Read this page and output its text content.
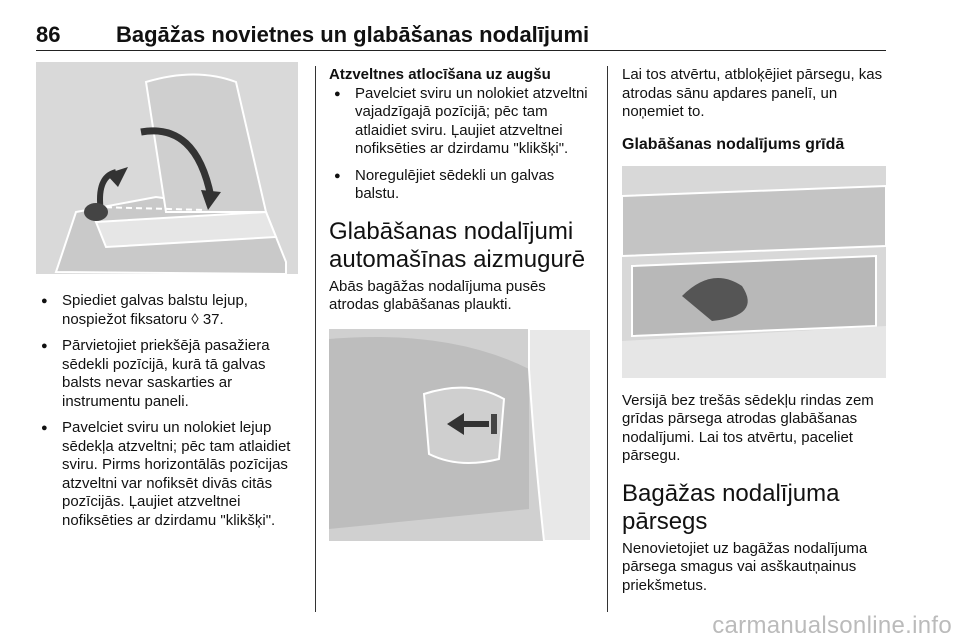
86	Bagāžas novietnes un glabāšanas nodalījumi
● Spiediet galvas balstu lejup, nospiežot fiksatoru ◊ 37.
● Pārvietojiet priekšējā pasažiera sēdekli pozīcijā, kurā tā galvas balsts nevar saskarties ar instrumentu paneli.
● Pavelciet sviru un nolokiet lejup sēdekļa atzveltni; pēc tam atlaidiet sviru. Pirms horizontālās pozīcijas atzveltni var nofiksēt divās citās pozīcijās. Ļaujiet atzveltnei nofiksēties ar dzirdamu "klikšķi".

Atzveltnes atlocīšana uz augšu

● Pavelciet sviru un nolokiet atzveltni vajadzīgajā pozīcijā; pēc tam atlaidiet sviru. Ļaujiet atzveltnei nofiksēties ar dzirdamu "klikšķi".
● Noregulējiet sēdekli un galvas balstu.
Glabāšanas nodalījumi automašīnas aizmugurē

Abās bagāžas nodalījuma pusēs atrodas glabāšanas plaukti.

Lai tos atvērtu, atbloķējiet pārsegu, kas atrodas sānu apdares panelī, un noņemiet to.

Glabāšanas nodalījums grīdā

Versijā bez trešās sēdekļu rindas zem grīdas pārsega atrodas glabāšanas nodalījumi. Lai tos atvērtu, paceliet pārsegu.

Bagāžas nodalījuma pārsegs

Nenovietojiet uz bagāžas nodalījuma pārsega smagus vai asškautņainus priekšmetus.

carmanualsonline.info
